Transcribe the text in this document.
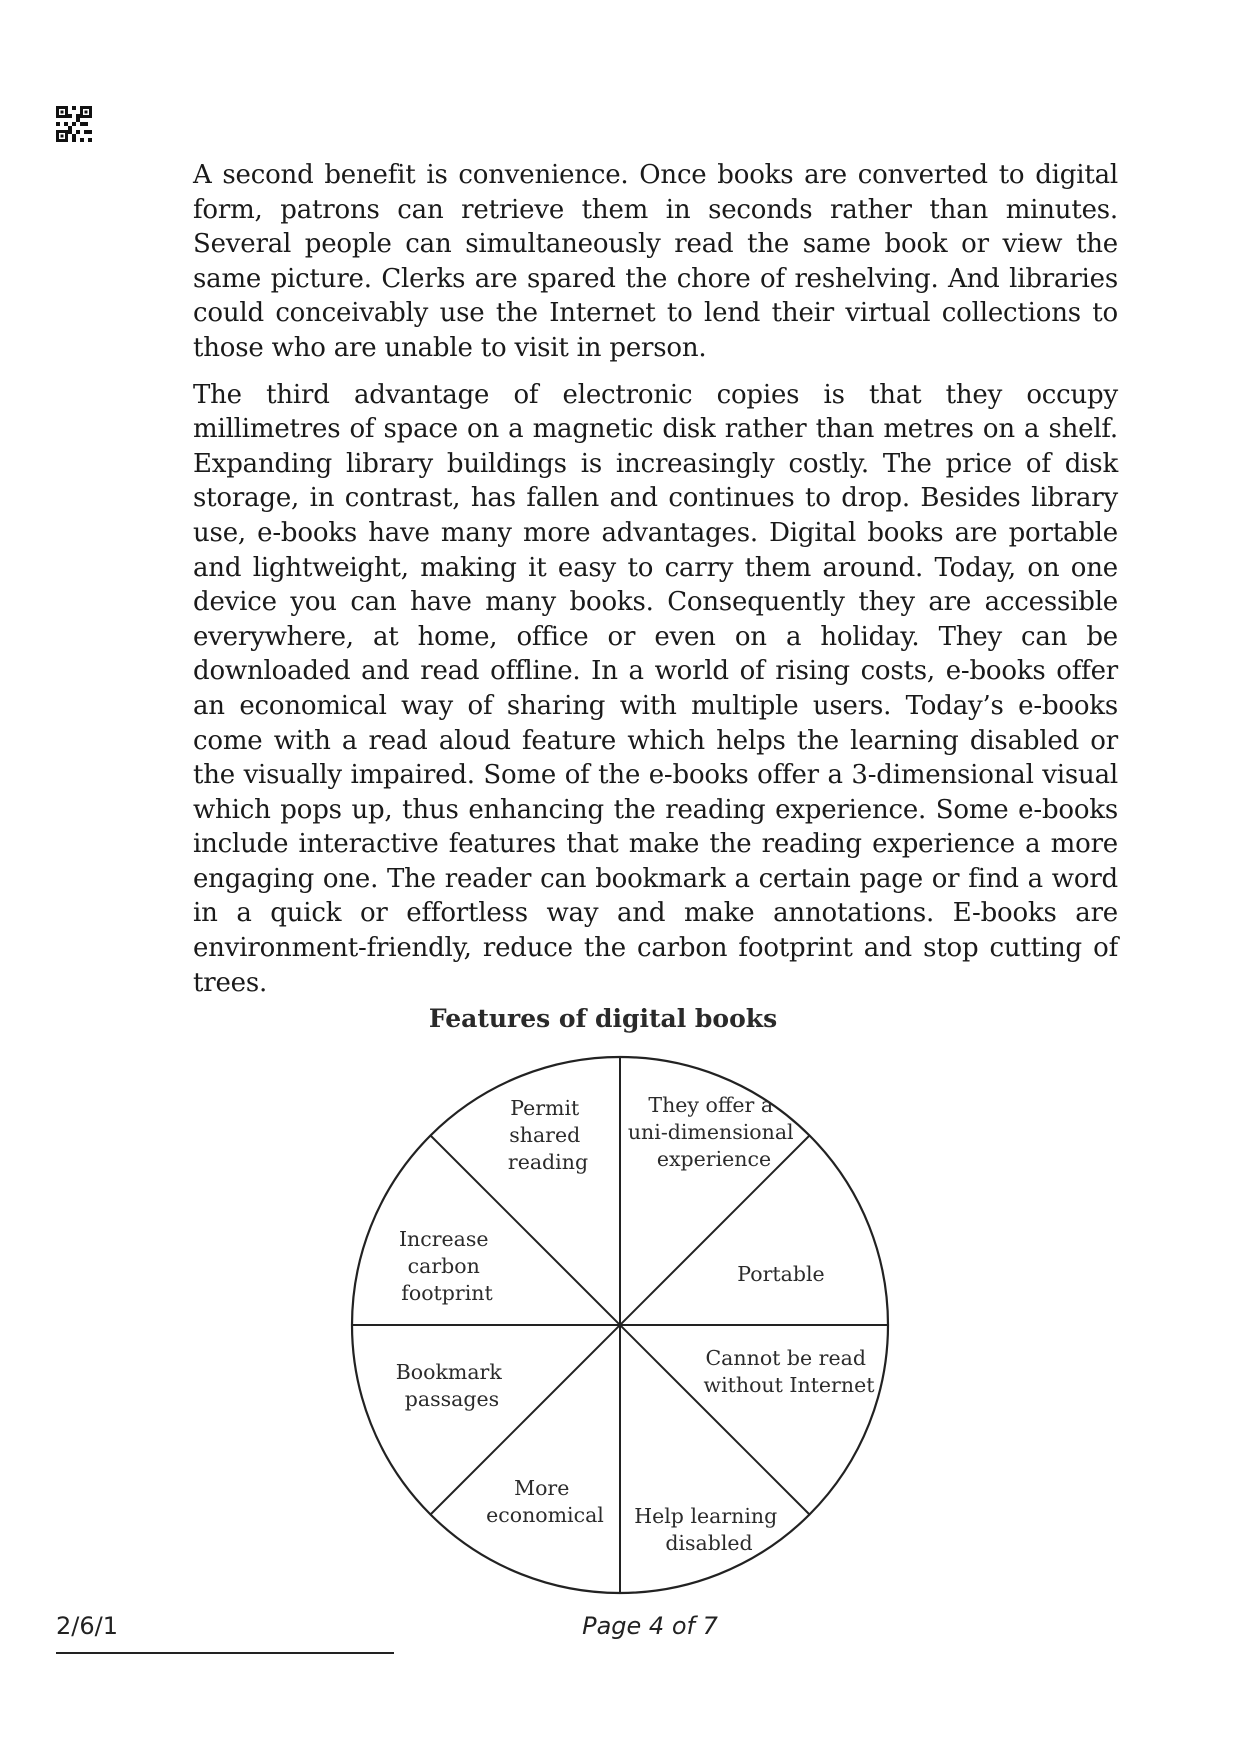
A second benefit is convenience. Once books are converted to digital form, patrons can retrieve them in seconds rather than minutes. Several people can simultaneously read the same book or view the same picture. Clerks are spared the chore of reshelving. And libraries could conceivably use the Internet to lend their virtual collections to those who are unable to visit in person.

The third advantage of electronic copies is that they occupy millimetres of space on a magnetic disk rather than metres on a shelf. Expanding library buildings is increasingly costly. The price of disk storage, in contrast, has fallen and continues to drop. Besides library use, e-books have many more advantages. Digital books are portable and lightweight, making it easy to carry them around. Today, on one device you can have many books. Consequently they are accessible everywhere, at home, office or even on a holiday. They can be downloaded and read offline. In a world of rising costs, e-books offer an economical way of sharing with multiple users. Today’s e-books come with a read aloud feature which helps the learning disabled or the visually impaired. Some of the e-books offer a 3-dimensional visual which pops up, thus enhancing the reading experience. Some e-books include interactive features that make the reading experience a more engaging one. The reader can bookmark a certain page or find a word in a quick or effortless way and make annotations. E-books are environment-friendly, reduce the carbon footprint and stop cutting of trees.

Features of digital books
Permit shared reading
They offer a uni-dimensional experience
Portable
Cannot be read without Internet
Help learning disabled
More economical
Bookmark passages
Increase carbon footprint
2/6/1	Page 4 of 7
